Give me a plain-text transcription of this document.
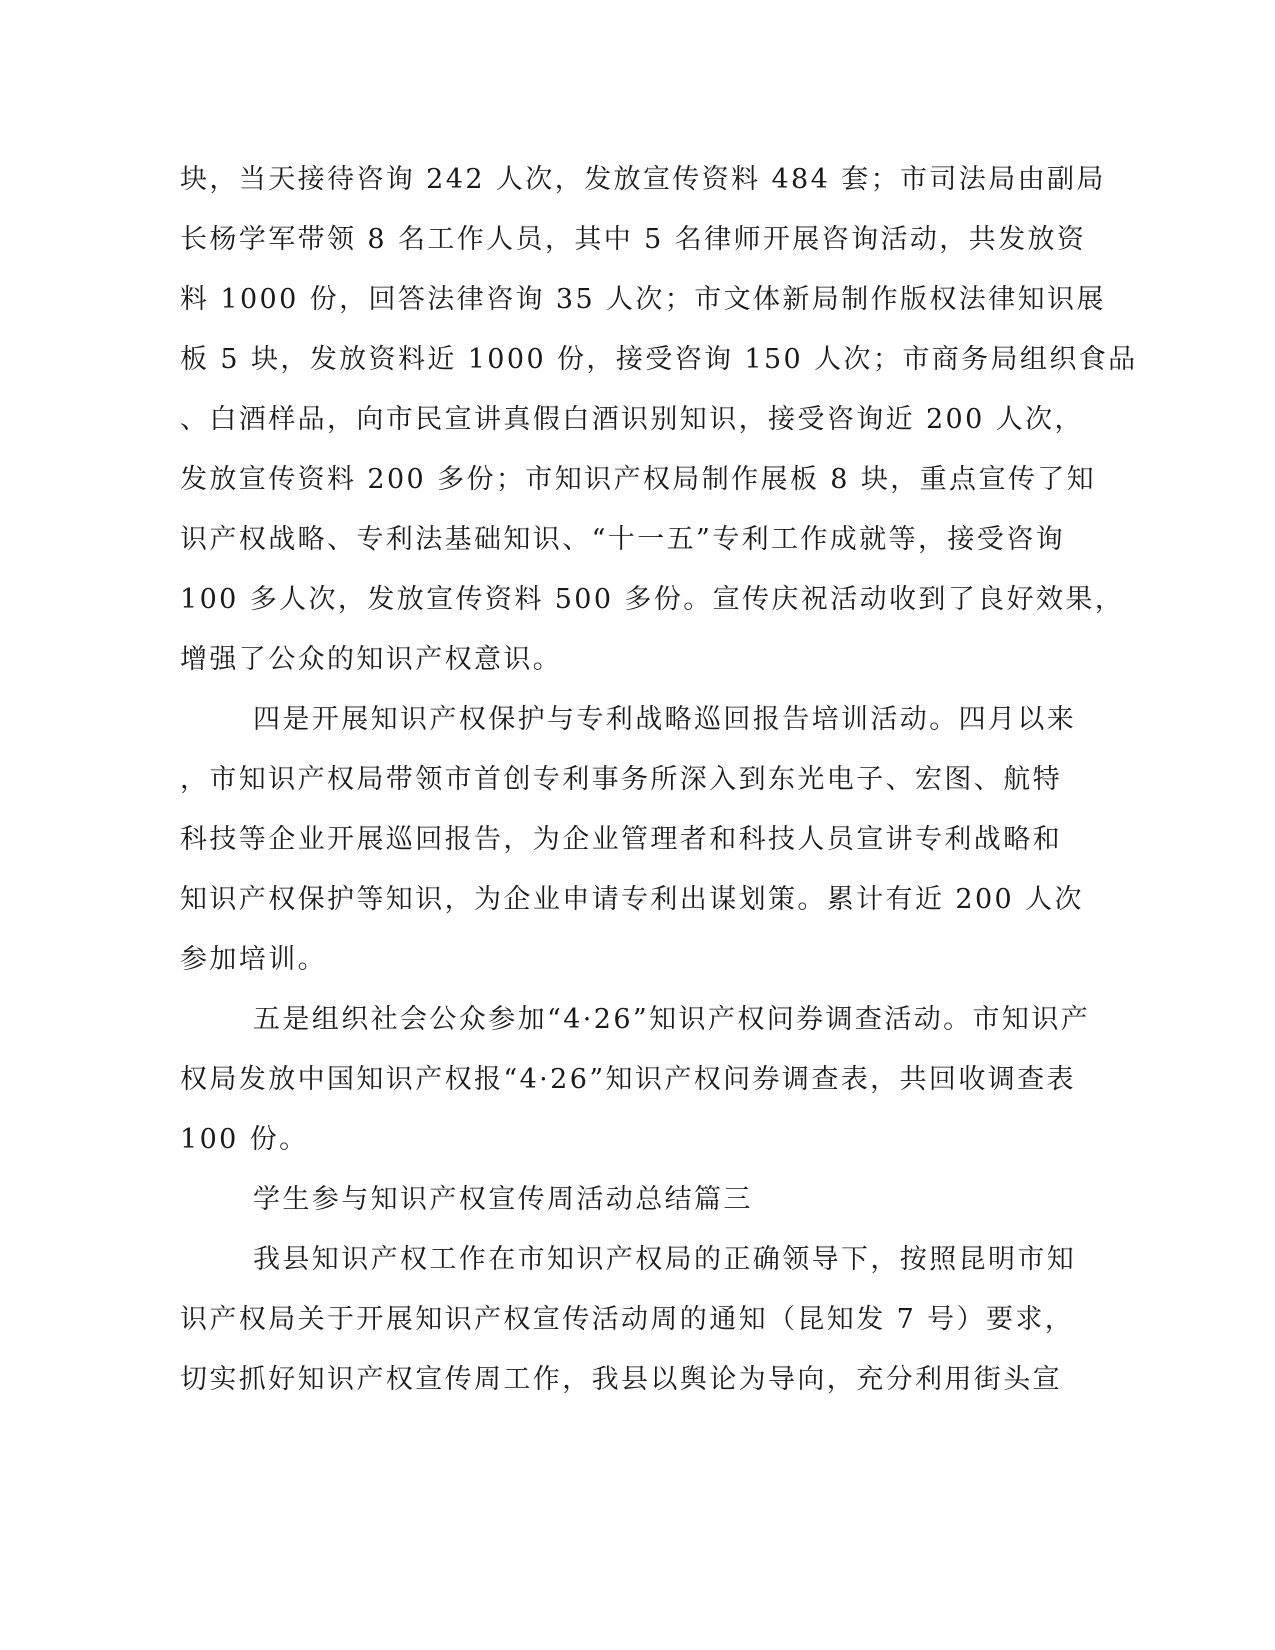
块，当天接待咨询 242 人次，发放宣传资料 484 套；市司法局由副局
长杨学军带领 8 名工作人员，其中 5 名律师开展咨询活动，共发放资
料 1000 份，回答法律咨询 35 人次；市文体新局制作版权法律知识展
板 5 块，发放资料近 1000 份，接受咨询 150 人次；市商务局组织食品
、白酒样品，向市民宣讲真假白酒识别知识，接受咨询近 200 人次，
发放宣传资料 200 多份；市知识产权局制作展板 8 块，重点宣传了知
识产权战略、专利法基础知识、“十一五”专利工作成就等，接受咨询
100 多人次，发放宣传资料 500 多份。宣传庆祝活动收到了良好效果，
增强了公众的知识产权意识。
四是开展知识产权保护与专利战略巡回报告培训活动。四月以来
，市知识产权局带领市首创专利事务所深入到东光电子、宏图、航特
科技等企业开展巡回报告，为企业管理者和科技人员宣讲专利战略和
知识产权保护等知识，为企业申请专利出谋划策。累计有近 200 人次
参加培训。
五是组织社会公众参加“4·26”知识产权问券调查活动。市知识产
权局发放中国知识产权报“4·26”知识产权问券调查表，共回收调查表
100 份。
学生参与知识产权宣传周活动总结篇三
我县知识产权工作在市知识产权局的正确领导下，按照昆明市知
识产权局关于开展知识产权宣传活动周的通知（昆知发 7 号）要求，
切实抓好知识产权宣传周工作，我县以舆论为导向，充分利用街头宣
